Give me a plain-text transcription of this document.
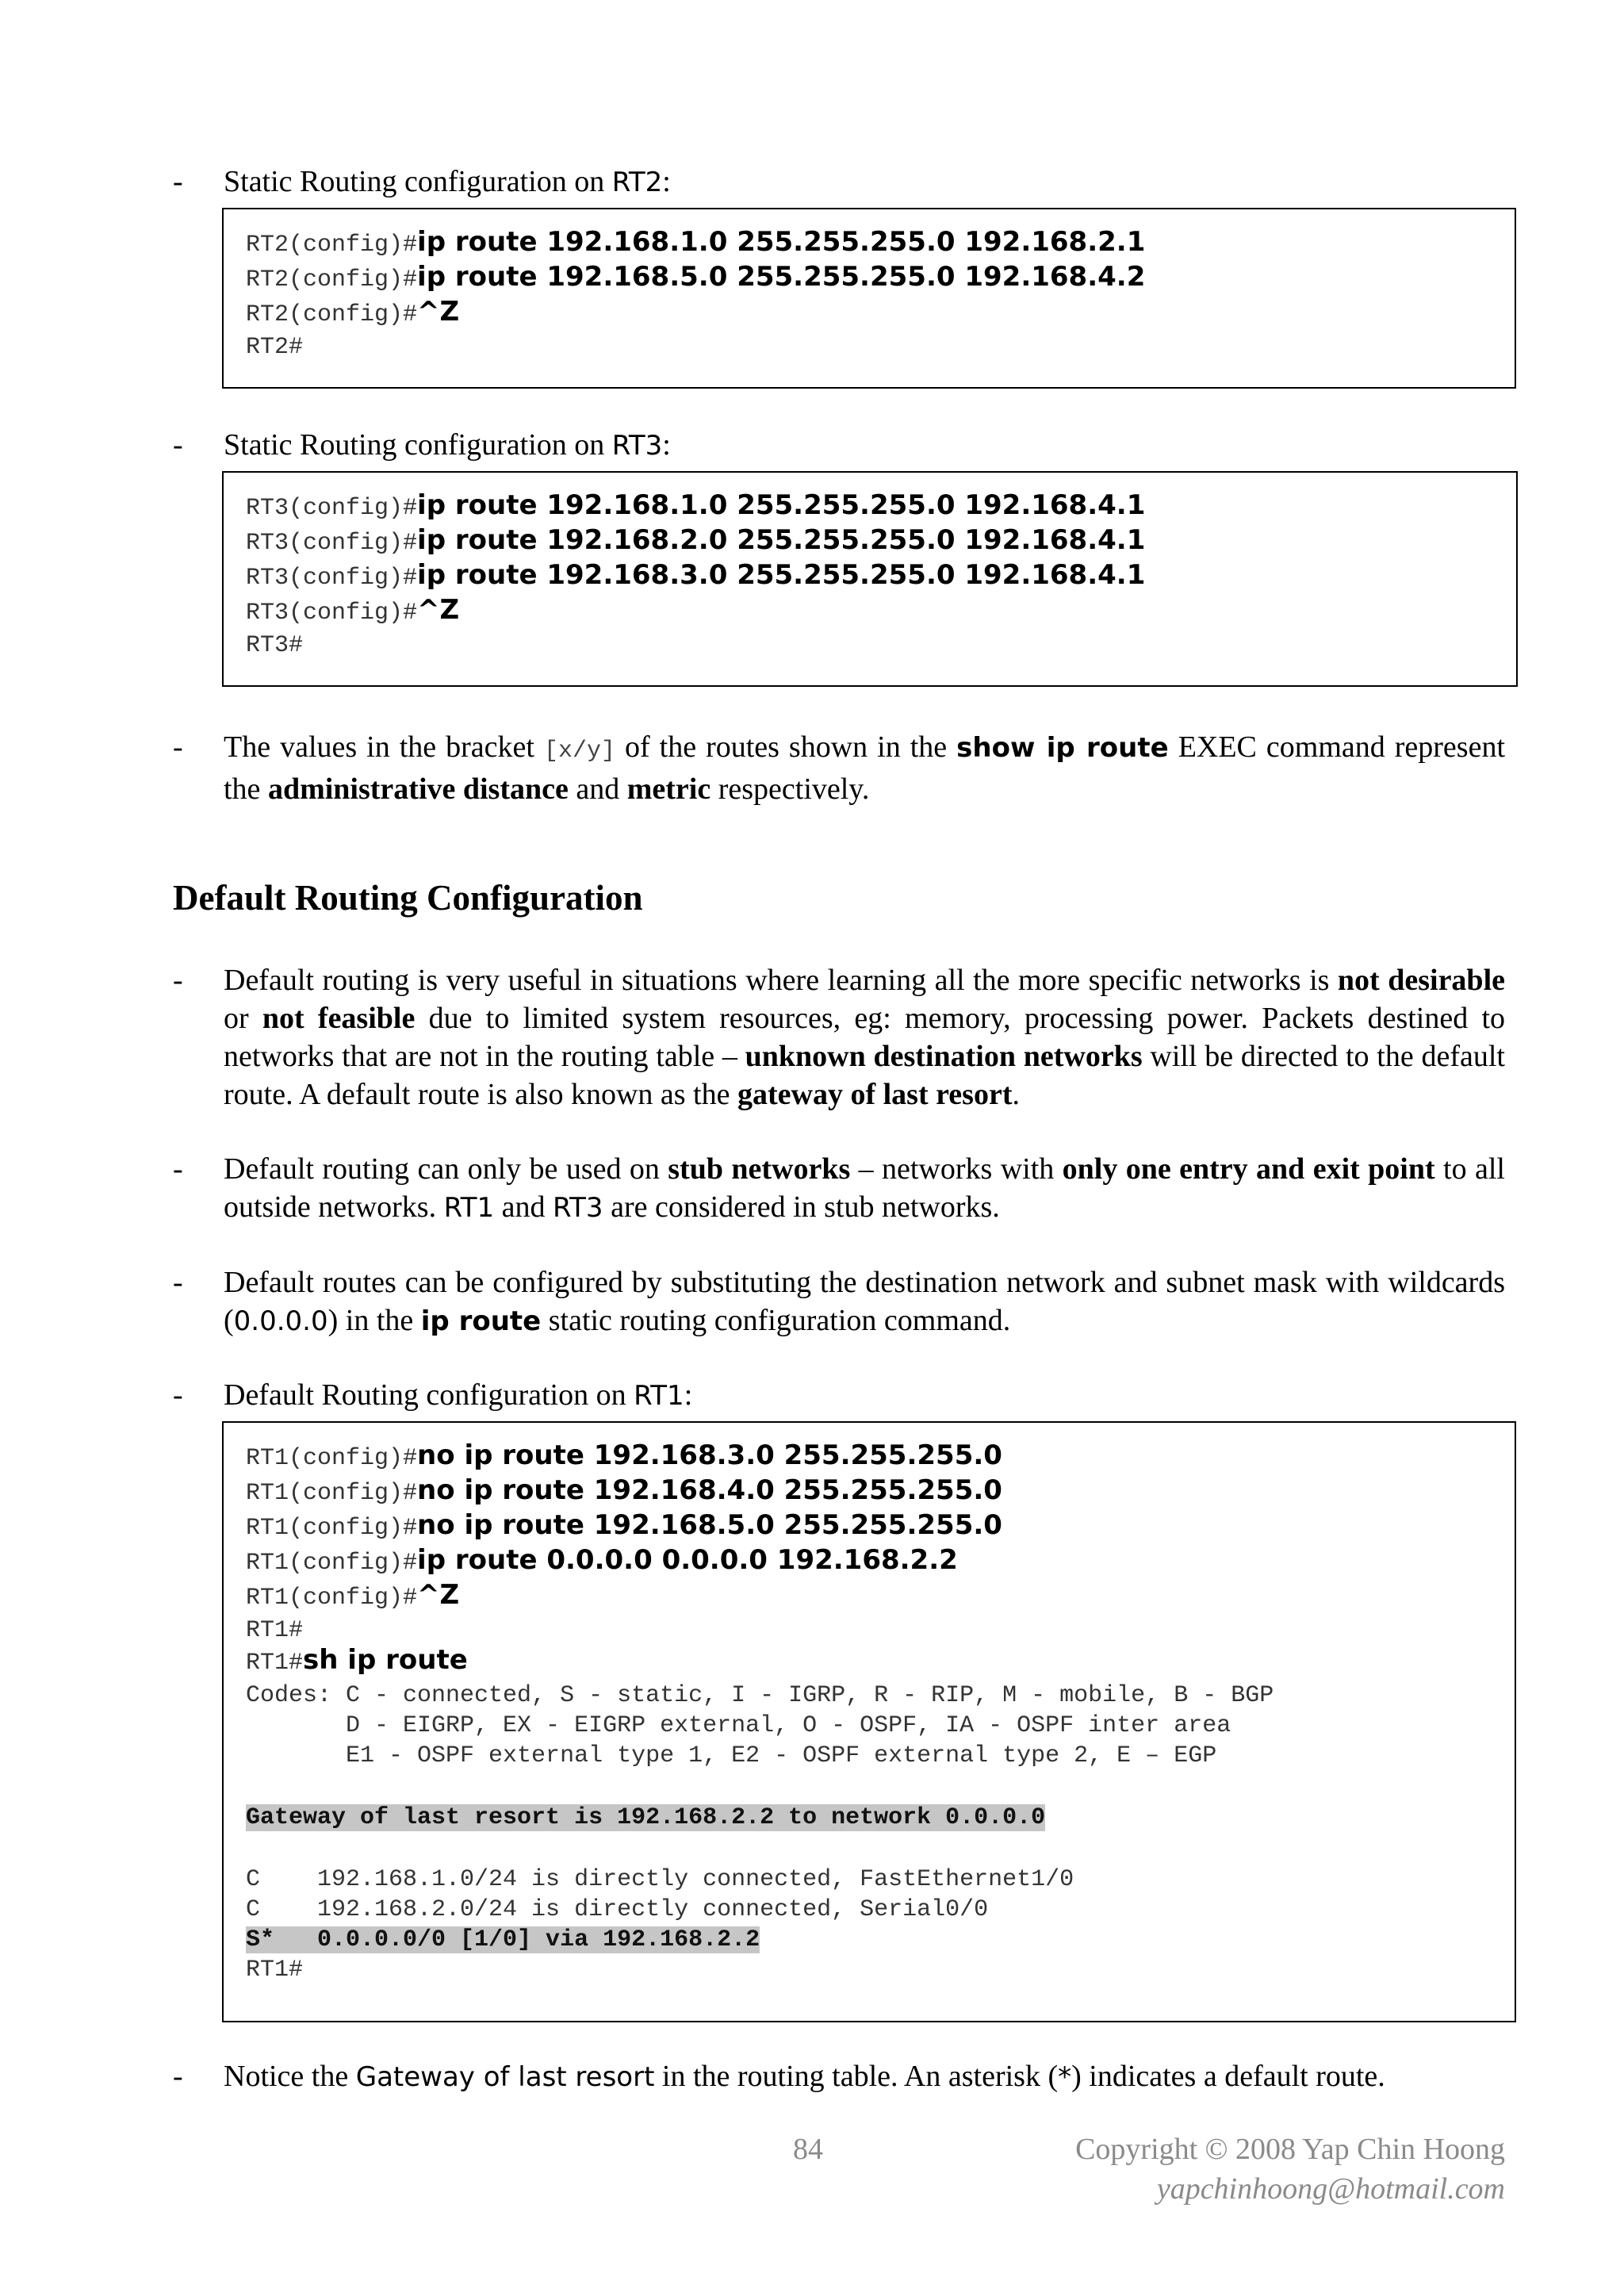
- Static Routing configuration on RT2:
RT2(config)#ip route 192.168.1.0 255.255.255.0 192.168.2.1
RT2(config)#ip route 192.168.5.0 255.255.255.0 192.168.4.2
RT2(config)#^Z
RT2#
- Static Routing configuration on RT3:
RT3(config)#ip route 192.168.1.0 255.255.255.0 192.168.4.1
RT3(config)#ip route 192.168.2.0 255.255.255.0 192.168.4.1
RT3(config)#ip route 192.168.3.0 255.255.255.0 192.168.4.1
RT3(config)#^Z
RT3#
- The values in the bracket [x/y] of the routes shown in the show ip route EXEC command represent the administrative distance and metric respectively.
Default Routing Configuration
- Default routing is very useful in situations where learning all the more specific networks is not desirable or not feasible due to limited system resources, eg: memory, processing power. Packets destined to networks that are not in the routing table – unknown destination networks will be directed to the default route. A default route is also known as the gateway of last resort.
- Default routing can only be used on stub networks – networks with only one entry and exit point to all outside networks. RT1 and RT3 are considered in stub networks.
- Default routes can be configured by substituting the destination network and subnet mask with wildcards (0.0.0.0) in the ip route static routing configuration command.
- Default Routing configuration on RT1:
RT1(config)#no ip route 192.168.3.0 255.255.255.0
RT1(config)#no ip route 192.168.4.0 255.255.255.0
RT1(config)#no ip route 192.168.5.0 255.255.255.0
RT1(config)#ip route 0.0.0.0 0.0.0.0 192.168.2.2
RT1(config)#^Z
RT1#
RT1#sh ip route
Codes: C - connected, S - static, I - IGRP, R - RIP, M - mobile, B - BGP
D - EIGRP, EX - EIGRP external, O - OSPF, IA - OSPF inter area
E1 - OSPF external type 1, E2 - OSPF external type 2, E – EGP
Gateway of last resort is 192.168.2.2 to network 0.0.0.0
C    192.168.1.0/24 is directly connected, FastEthernet1/0
C    192.168.2.0/24 is directly connected, Serial0/0
S*   0.0.0.0/0 [1/0] via 192.168.2.2
RT1#
- Notice the Gateway of last resort in the routing table. An asterisk (*) indicates a default route.
84	Copyright © 2008 Yap Chin Hoong
yapchinhoong@hotmail.com
